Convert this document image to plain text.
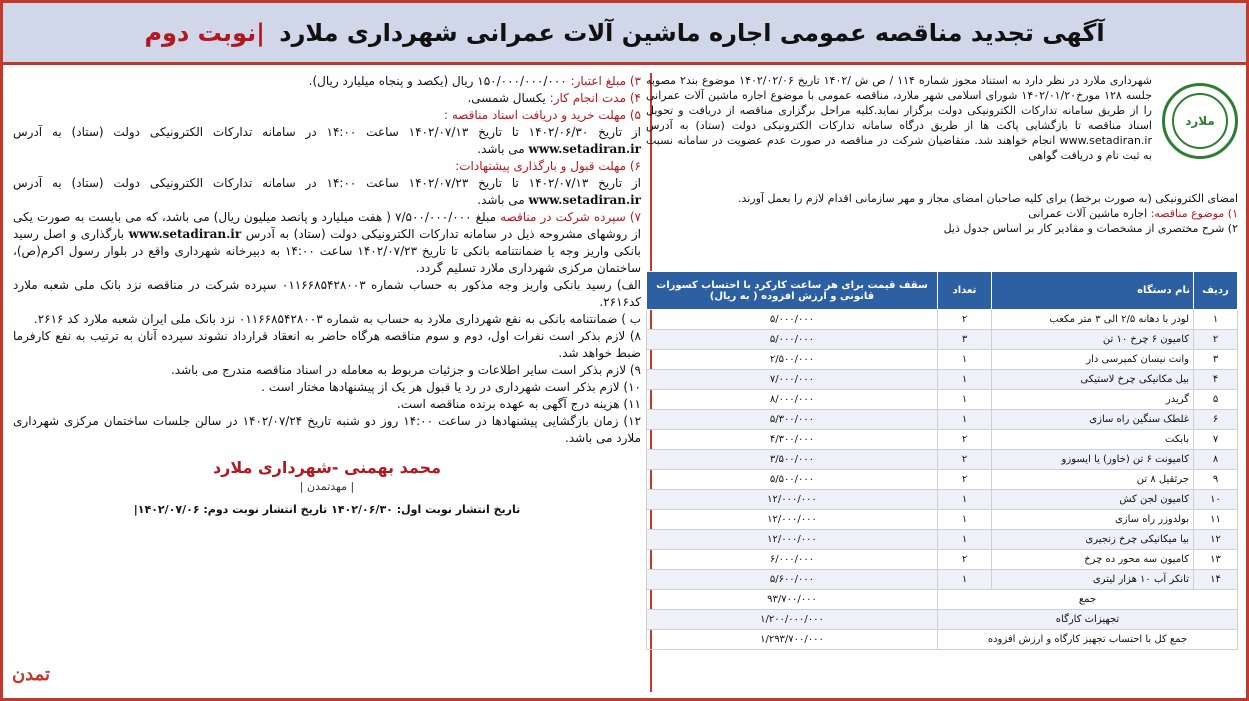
آگهی تجدید مناقصه عمومی اجاره ماشین آلات عمرانی شهرداری ملارد |نوبت دوم
ملارد
شهرداری ملارد در نظر دارد به استناد مجوز شماره ۱۱۴ / ص ش /۱۴۰۲ تاریخ ۱۴۰۲/۰۲/۰۶ موضوع بند۲ مصوبه جلسه ۱۲۸ مورخ۱۴۰۲/۰۱/۲۰ شورای اسلامی شهر ملارد، مناقصه عمومی با موضوع اجاره ماشین آلات عمرانی را از طریق سامانه تدارکات الکترونیکی دولت برگزار نماید.کلیه مراحل برگزاری مناقصه از دریافت و تحویل اسناد مناقصه تا بازگشایی پاکت ها از طریق درگاه سامانه تدارکات الکترونیکی دولت (ستاد) به آدرس www.setadiran.ir انجام خواهند شد. متقاضیان شرکت در مناقصه در صورت عدم عضویت در سامانه نسبت به ثبت نام و دریافت گواهی
امضای الکترونیکی (به صورت برخط) برای کلیه صاحبان امضای مجاز و مهر سازمانی اقدام لازم را بعمل آورند.
۱) موضوع مناقصه: اجاره ماشین آلات عمرانی
۲) شرح مختصری از مشخصات و مقادیر کار بر اساس جدول ذیل
ردیف	نام دستگاه	تعداد	سقف قیمت برای هر ساعت کارکرد با احتساب کسورات قانونی و ارزش افزوده ( به ریال)
۱	لودر با دهانه ۲/۵ الی ۳ متر مکعب	۲	۵/۰۰۰/۰۰۰
۲	کامیون ۶ چرخ ۱۰ تن	۳	۵/۰۰۰/۰۰۰
۳	وانت نیسان کمپرسی دار	۱	۲/۵۰۰/۰۰۰
۴	بیل مکانیکی چرخ لاستیکی	۱	۷/۰۰۰/۰۰۰
۵	گریدر	۱	۸/۰۰۰/۰۰۰
۶	غلطک سنگین راه سازی	۱	۵/۳۰۰/۰۰۰
۷	بابکت	۲	۴/۳۰۰/۰۰۰
۸	کامیونت ۶ تن (خاور) یا ایسوزو	۲	۳/۵۰۰/۰۰۰
۹	جرثقیل ۸ تن	۲	۵/۵۰۰/۰۰۰
۱۰	کامیون لجن کش	۱	۱۲/۰۰۰/۰۰۰
۱۱	بولدوزر راه سازی	۱	۱۲/۰۰۰/۰۰۰
۱۲	بیا میکانیکی چرخ زنجیری	۱	۱۲/۰۰۰/۰۰۰
۱۳	کامیون سه محور ده چرخ	۲	۶/۰۰۰/۰۰۰
۱۴	تانکر آب ۱۰ هزار لیتری	۱	۵/۶۰۰/۰۰۰
جمع			۹۳/۷۰۰/۰۰۰
تجهیزات کارگاه			۱/۲۰۰/۰۰۰/۰۰۰
جمع کل با احتساب تجهیز کارگاه و ارزش افزوده			۱/۲۹۳/۷۰۰/۰۰۰

۳) مبلغ اعتبار: ۱۵۰/۰۰۰/۰۰۰/۰۰۰ ریال (یکصد و پنجاه میلیارد ریال).

۴) مدت انجام کار: یکسال شمسی.

۵) مهلت خرید و دریافت اسناد مناقصه :

از تاریخ ۱۴۰۲/۰۶/۳۰ تا تاریخ ۱۴۰۲/۰۷/۱۳ ساعت ۱۴:۰۰ در سامانه تدارکات الکترونیکی دولت (ستاد) به آدرس www.setadiran.ir می باشد.

۶) مهلت قبول و بارگذاری پیشنهادات:

از تاریخ ۱۴۰۲/۰۷/۱۳ تا تاریخ ۱۴۰۲/۰۷/۲۳ ساعت ۱۴:۰۰ در سامانه تدارکات الکترونیکی دولت (ستاد) به آدرس www.setadiran.ir می باشد.

۷) سپرده شرکت در مناقصه مبلغ ۷/۵۰۰/۰۰۰/۰۰۰ ( هفت میلیارد و پانصد میلیون ریال) می باشد، که می بایست به صورت یکی از روشهای مشروحه ذیل در سامانه تدارکات الکترونیکی دولت (ستاد) به آدرس www.setadiran.ir بارگذاری و اصل رسید بانکی واریز وجه یا ضمانتنامه بانکی تا تاریخ ۱۴۰۲/۰۷/۲۳ ساعت ۱۴:۰۰ به دبیرخانه شهرداری واقع در بلوار رسول اکرم(ص)، ساختمان مرکزی شهرداری ملارد تسلیم گردد.

الف) رسید بانکی واریز وجه مذکور به حساب شماره ۰۱۱۶۶۸۵۴۲۸۰۰۳ سپرده شرکت در مناقصه نزد بانک ملی شعبه ملارد کد۲۶۱۶.

ب ) ضمانتنامه بانکی به نفع شهرداری ملارد به حساب به شماره ۰۱۱۶۶۸۵۴۲۸۰۰۳ نزد بانک ملی ایران شعبه ملارد کد ۲۶۱۶.

۸) لازم بذکر است نفرات اول، دوم و سوم مناقصه هرگاه حاضر به انعقاد قرارداد نشوند سپرده آنان به ترتیب به نفع کارفرما ضبط خواهد شد.

۹) لازم بذکر است سایر اطلاعات و جزئیات مربوط به معامله در اسناد مناقصه مندرج می باشد.

۱۰) لازم بذکر است شهرداری در رد یا قبول هر یک از پیشنهادها مختار است .

۱۱) هزینه درج آگهی به عهده برنده مناقصه است.

۱۲) زمان بازگشایی پیشنهادها در ساعت ۱۴:۰۰ روز دو شنبه تاریخ ۱۴۰۲/۰۷/۲۴ در سالن جلسات ساختمان مرکزی شهرداری ملارد می باشد.

محمد بهمنی -شهرداری ملارد
| مهدتمدن |
تاریخ انتشار نوبت اول: ۱۴۰۲/۰۶/۳۰ تاریخ انتشار نوبت دوم: ۱۴۰۲/۰۷/۰۶|
تمدن
